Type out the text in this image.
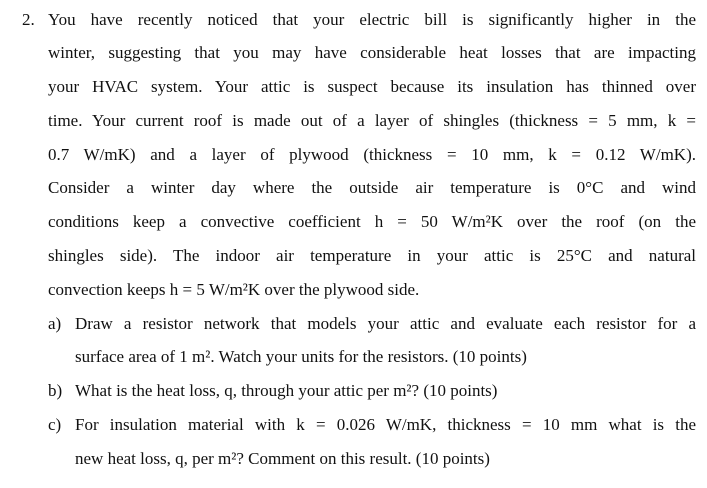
2. You have recently noticed that your electric bill is significantly higher in the
winter, suggesting that you may have considerable heat losses that are impacting
your HVAC system. Your attic is suspect because its insulation has thinned over
time. Your current roof is made out of a layer of shingles (thickness = 5 mm, k =
0.7 W/mK) and a layer of plywood (thickness = 10 mm, k = 0.12 W/mK).
Consider a winter day where the outside air temperature is 0°C and wind
conditions keep a convective coefficient h = 50 W/m²K over the roof (on the
shingles side). The indoor air temperature in your attic is 25°C and natural
convection keeps h = 5 W/m²K over the plywood side.
a) Draw a resistor network that models your attic and evaluate each resistor for a
surface area of 1 m². Watch your units for the resistors. (10 points)
b) What is the heat loss, q, through your attic per m²? (10 points)
c) For insulation material with k = 0.026 W/mK, thickness = 10 mm what is the
new heat loss, q, per m²? Comment on this result. (10 points)
